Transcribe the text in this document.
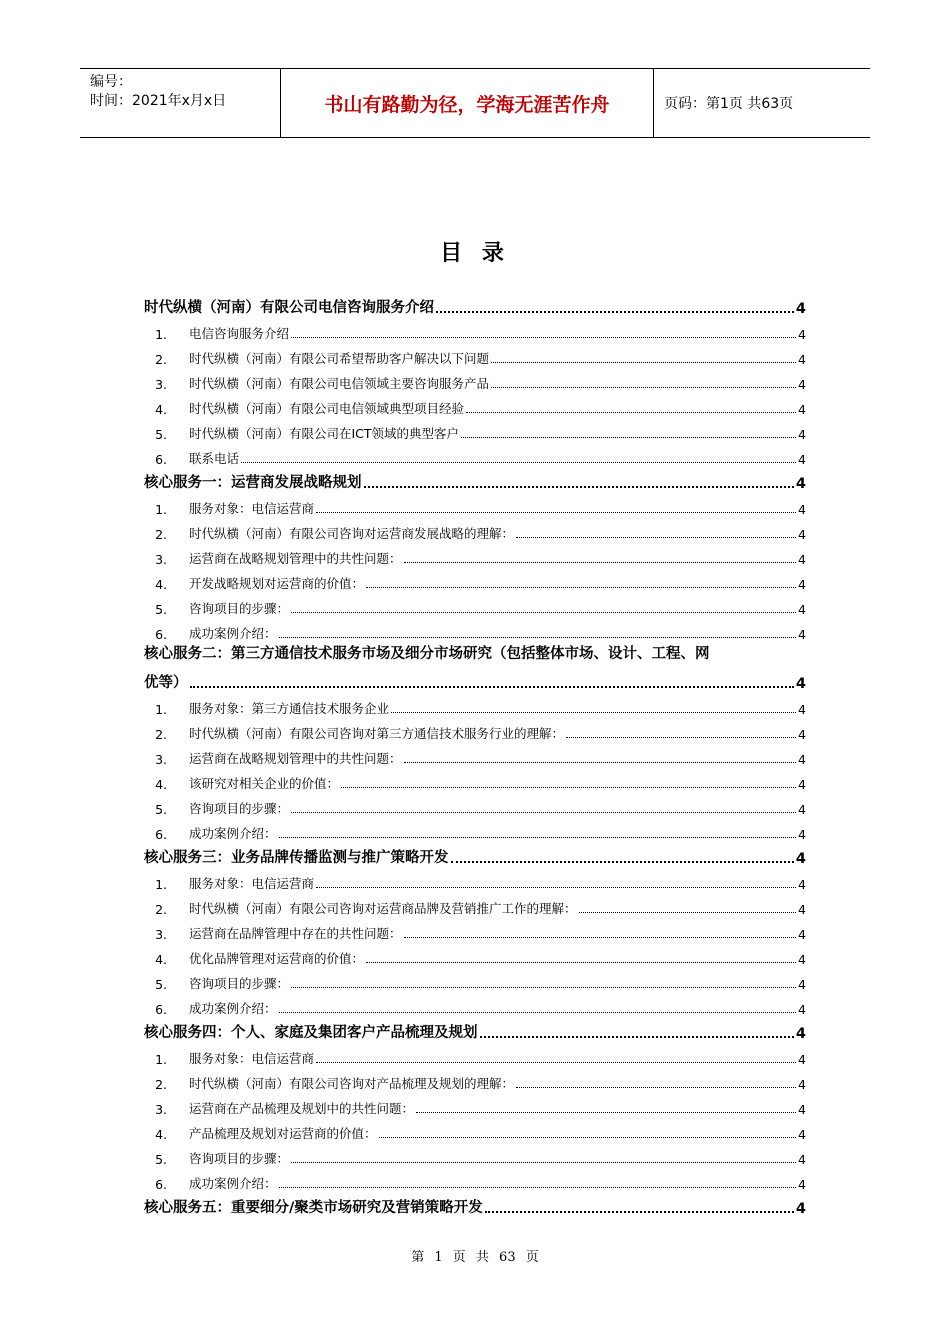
编号：
时间：2021年x月x日	书山有路勤为径，学海无涯苦作舟	页码：第1页 共63页
目 录
时代纵横（河南）有限公司电信咨询服务介绍	4
1.	电信咨询服务介绍	4
2.	时代纵横（河南）有限公司希望帮助客户解决以下问题	4
3.	时代纵横（河南）有限公司电信领域主要咨询服务产品	4
4.	时代纵横（河南）有限公司电信领域典型项目经验	4
5.	时代纵横（河南）有限公司在ICT领域的典型客户	4
6.	联系电话	4
核心服务一：运营商发展战略规划	4
1.	服务对象：电信运营商	4
2.	时代纵横（河南）有限公司咨询对运营商发展战略的理解：	4
3.	运营商在战略规划管理中的共性问题：	4
4.	开发战略规划对运营商的价值：	4
5.	咨询项目的步骤：	4
6.	成功案例介绍：	4
核心服务二：第三方通信技术服务市场及细分市场研究（包括整体市场、设计、工程、网
优等）	4
1.	服务对象：第三方通信技术服务企业	4
2.	时代纵横（河南）有限公司咨询对第三方通信技术服务行业的理解：	4
3.	运营商在战略规划管理中的共性问题：	4
4.	该研究对相关企业的价值：	4
5.	咨询项目的步骤：	4
6.	成功案例介绍：	4
核心服务三：业务品牌传播监测与推广策略开发	4
1.	服务对象：电信运营商	4
2.	时代纵横（河南）有限公司咨询对运营商品牌及营销推广工作的理解：	4
3.	运营商在品牌管理中存在的共性问题：	4
4.	优化品牌管理对运营商的价值：	4
5.	咨询项目的步骤：	4
6.	成功案例介绍：	4
核心服务四：个人、家庭及集团客户产品梳理及规划	4
1.	服务对象：电信运营商	4
2.	时代纵横（河南）有限公司咨询对产品梳理及规划的理解：	4
3.	运营商在产品梳理及规划中的共性问题：	4
4.	产品梳理及规划对运营商的价值：	4
5.	咨询项目的步骤：	4
6.	成功案例介绍：	4
核心服务五：重要细分/聚类市场研究及营销策略开发	4
第 1 页 共 63 页
